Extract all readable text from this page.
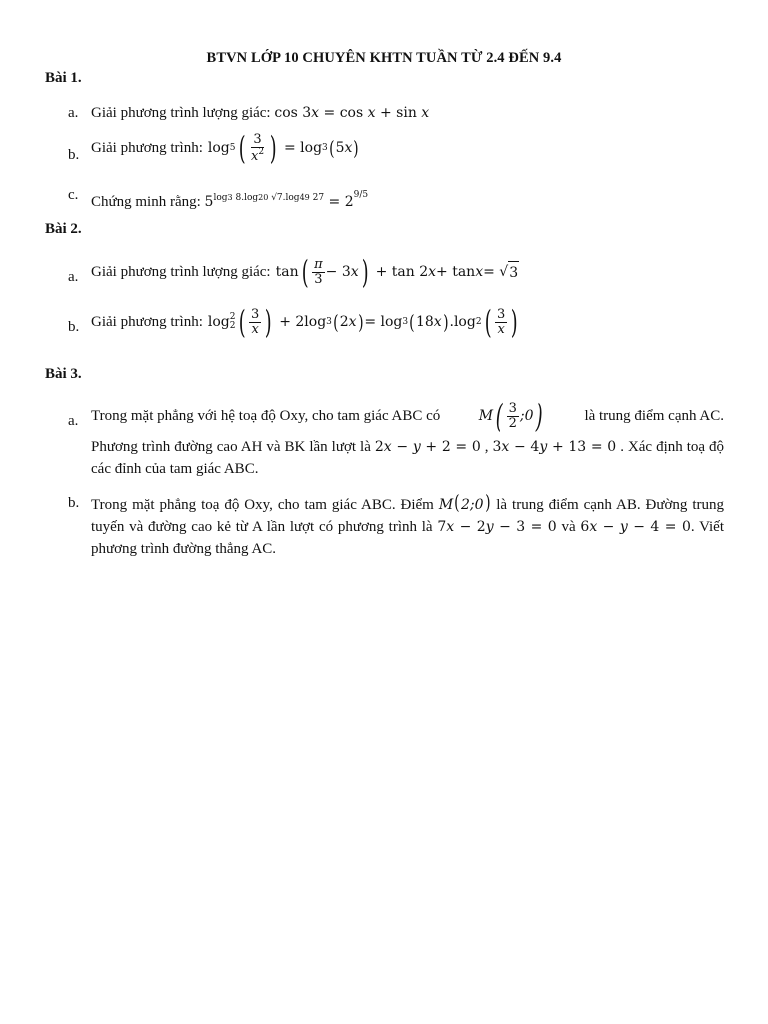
BTVN LỚP 10 CHUYÊN KHTN TUẦN TỪ 2.4 ĐẾN 9.4
Bài 1.
a. Giải phương trình lượng giác: cos 3x = cos x + sin x
b. Giải phương trình: log 5 ( $\frac{3}{x^2}$ ) = log 3 ( 5 x )
c. Chứng minh rằng: $5^{log3 8.log20 √7.log49 27} = 2^{9/5}$
Bài 2.
a. Giải phương trình lượng giác: tan ( $\frac{\pi}{3} - 3$ x ) + tan 2 x + tan x = √ 3
b. Giải phương trình: log 2
2 ( $\frac{3}{x}$ ) + 2log 3 ( 2 x ) = log 3 ( 18 x ) .log 2 ( $\frac{3}{x}$ )
Bài 3.
a. Trong mặt phẳng với hệ toạ độ Oxy, cho tam giác ABC có	M ( $\frac{3}{2}$ ;0 )	là trung điểm cạnh AC.
Phương trình đường cao AH và BK lần lượt là 2x − y + 2 = 0 , 3x − 4y + 13 = 0 . Xác định toạ độ các đỉnh của tam giác ABC.
b. Trong mặt phẳng toạ độ Oxy, cho tam giác ABC. Điểm M(2;0) là trung điểm cạnh AB. Đường trung tuyến và đường cao kẻ từ A lần lượt có phương trình là 7x − 2y − 3 = 0 và 6x − y − 4 = 0. Viết phương trình đường thẳng AC.
